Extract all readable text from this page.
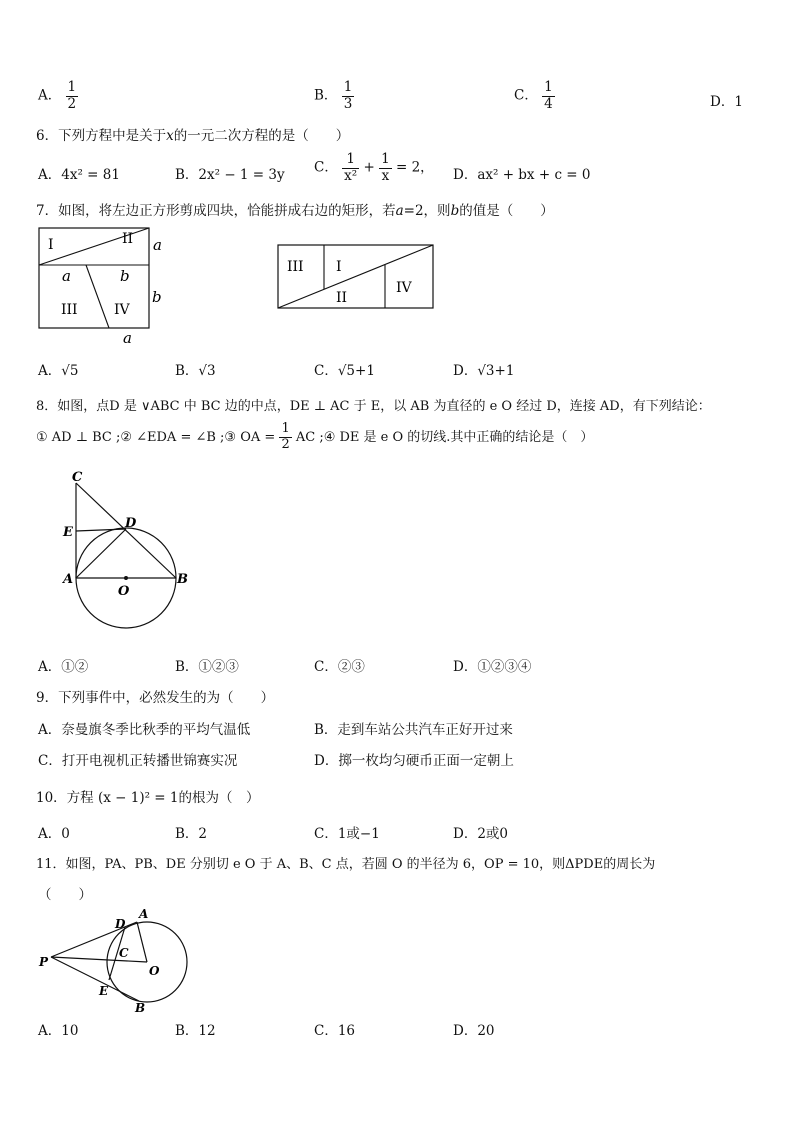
A． $\frac{1}{2}$	B． $\frac{1}{3}$	C． $\frac{1}{4}$	D．1
6．下列方程中是关于x的一元二次方程的是（　　）
A．4x² = 81	B．2x² − 1 = 3y C． $\frac{1}{\text{x²}} + \frac{1}{x} = 2$， D．ax² + bx + c = 0
7．如图，将左边正方形剪成四块，恰能拼成右边的矩形，若a=2，则b的值是（　　）
I	II a
a	b
III	IV
b
a
III I
II
IV
A．√5	B．√3	C．√5+1	D．√3+1
8．如图，点D 是 ∨ABC 中 BC 边的中点，DE ⊥ AC 于 E，以 AB 为直径的 e O 经过 D，连接 AD，有下列结论：
① AD ⊥ BC ;② ∠EDA = ∠B ;③ OA = $\frac{1}{2}$ AC ;④ DE 是 e O 的切线.其中正确的结论是（　）
C
E
D
A
O
B
A．①②	B．①②③	C．②③	D．①②③④
9．下列事件中，必然发生的为（　　）
A．奈曼旗冬季比秋季的平均气温低	B．走到车站公共汽车正好开过来
C．打开电视机正转播世锦赛实况	D．掷一枚均匀硬币正面一定朝上
10．方程 (x − 1)² = 1的根为（　）
A．0	B．2	C．1或−1	D．2或0
11．如图，PA、PB、DE 分别切 e O 于 A、B、C 点，若圆 O 的半径为 6，OP = 10，则ΔPDE的周长为
（　　）
A
D
C
O
P
E
B
A．10	B．12	C．16	D．20
